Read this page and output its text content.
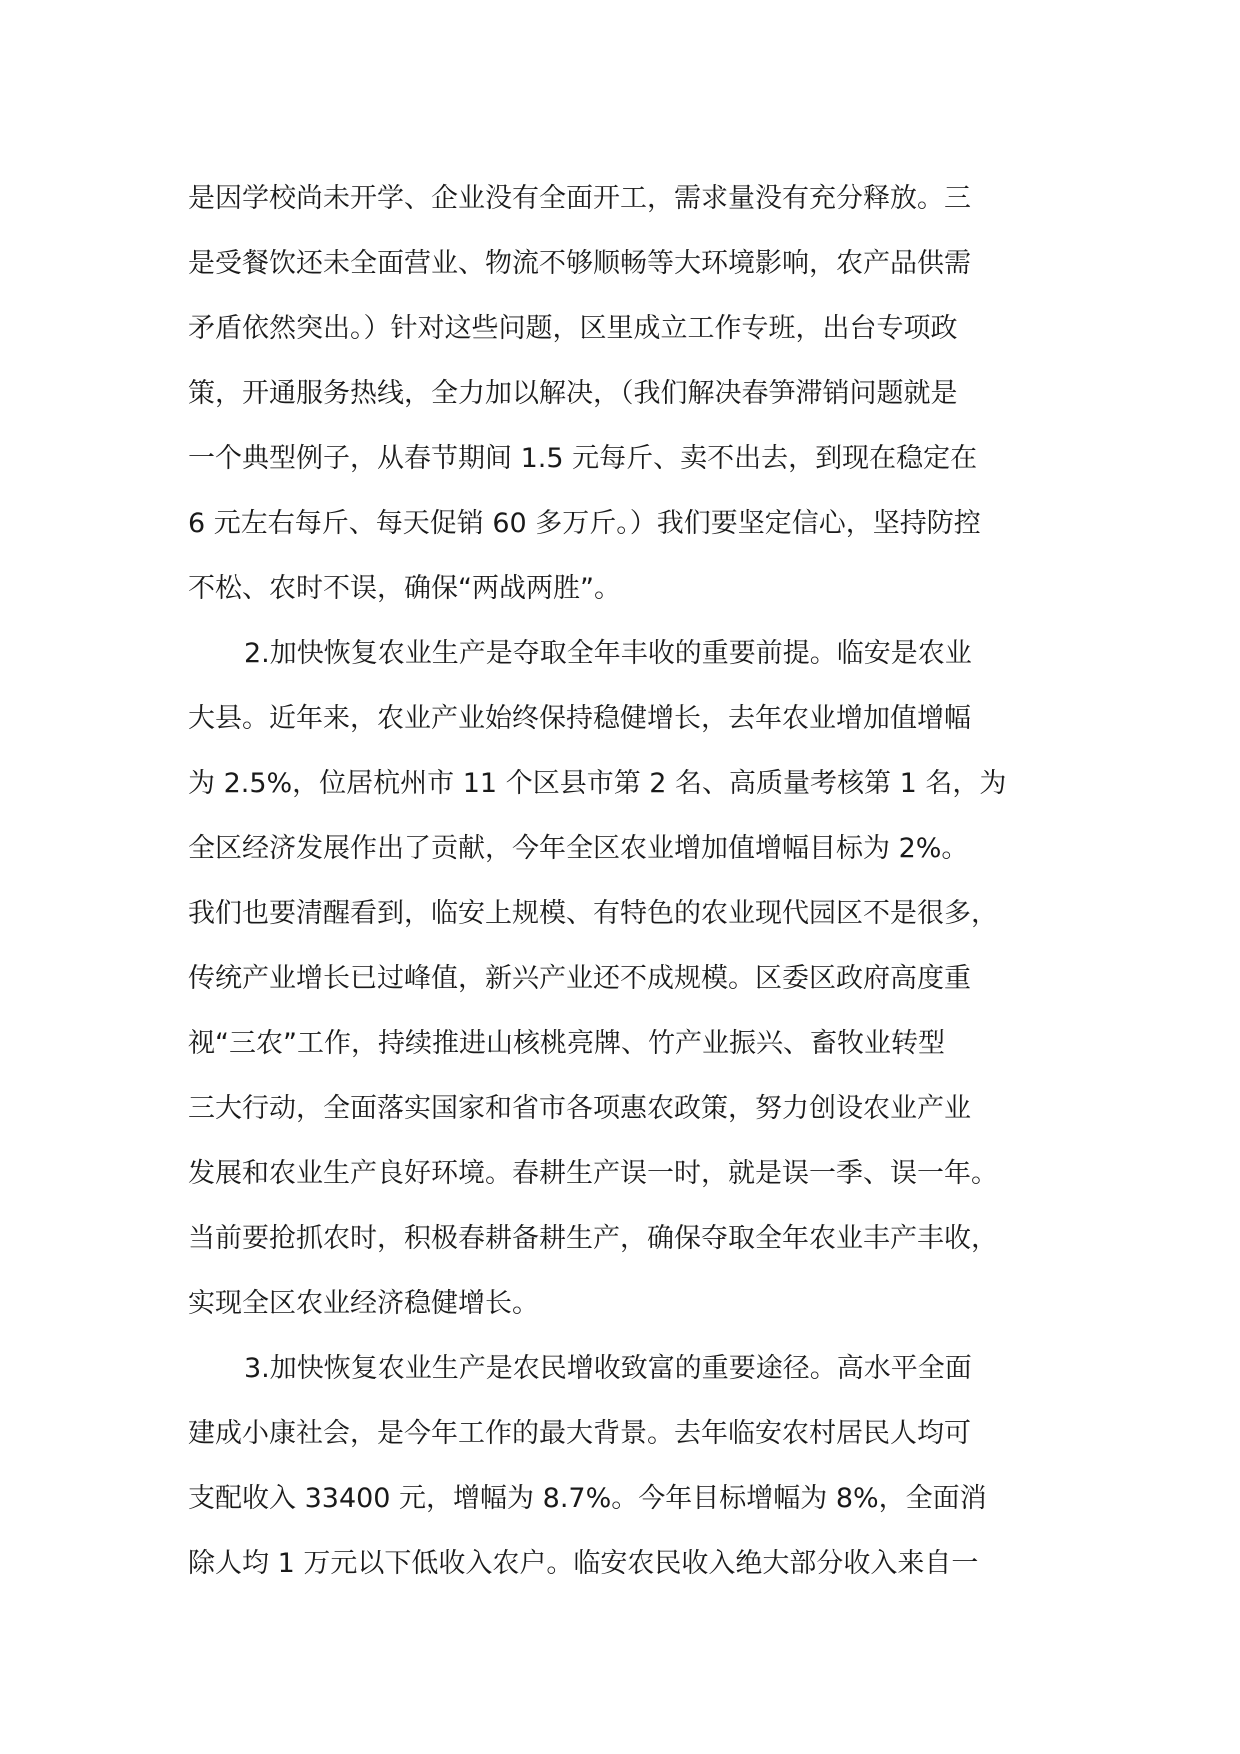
是因学校尚未开学、企业没有全面开工，需求量没有充分释放。三
是受餐饮还未全面营业、物流不够顺畅等大环境影响，农产品供需
矛盾依然突出。）针对这些问题，区里成立工作专班，出台专项政
策，开通服务热线，全力加以解决，（我们解决春笋滞销问题就是
一个典型例子，从春节期间 1.5 元每斤、卖不出去，到现在稳定在
6 元左右每斤、每天促销 60 多万斤。）我们要坚定信心，坚持防控
不松、农时不误，确保“两战两胜”。
2.加快恢复农业生产是夺取全年丰收的重要前提。临安是农业
大县。近年来，农业产业始终保持稳健增长，去年农业增加值增幅
为 2.5%，位居杭州市 11 个区县市第 2 名、高质量考核第 1 名，为
全区经济发展作出了贡献，今年全区农业增加值增幅目标为 2%。
我们也要清醒看到，临安上规模、有特色的农业现代园区不是很多，
传统产业增长已过峰值，新兴产业还不成规模。区委区政府高度重
视“三农”工作，持续推进山核桃亮牌、竹产业振兴、畜牧业转型
三大行动，全面落实国家和省市各项惠农政策，努力创设农业产业
发展和农业生产良好环境。春耕生产误一时，就是误一季、误一年。
当前要抢抓农时，积极春耕备耕生产，确保夺取全年农业丰产丰收，
实现全区农业经济稳健增长。
3.加快恢复农业生产是农民增收致富的重要途径。高水平全面
建成小康社会，是今年工作的最大背景。去年临安农村居民人均可
支配收入 33400 元，增幅为 8.7%。今年目标增幅为 8%，全面消
除人均 1 万元以下低收入农户。临安农民收入绝大部分收入来自一
